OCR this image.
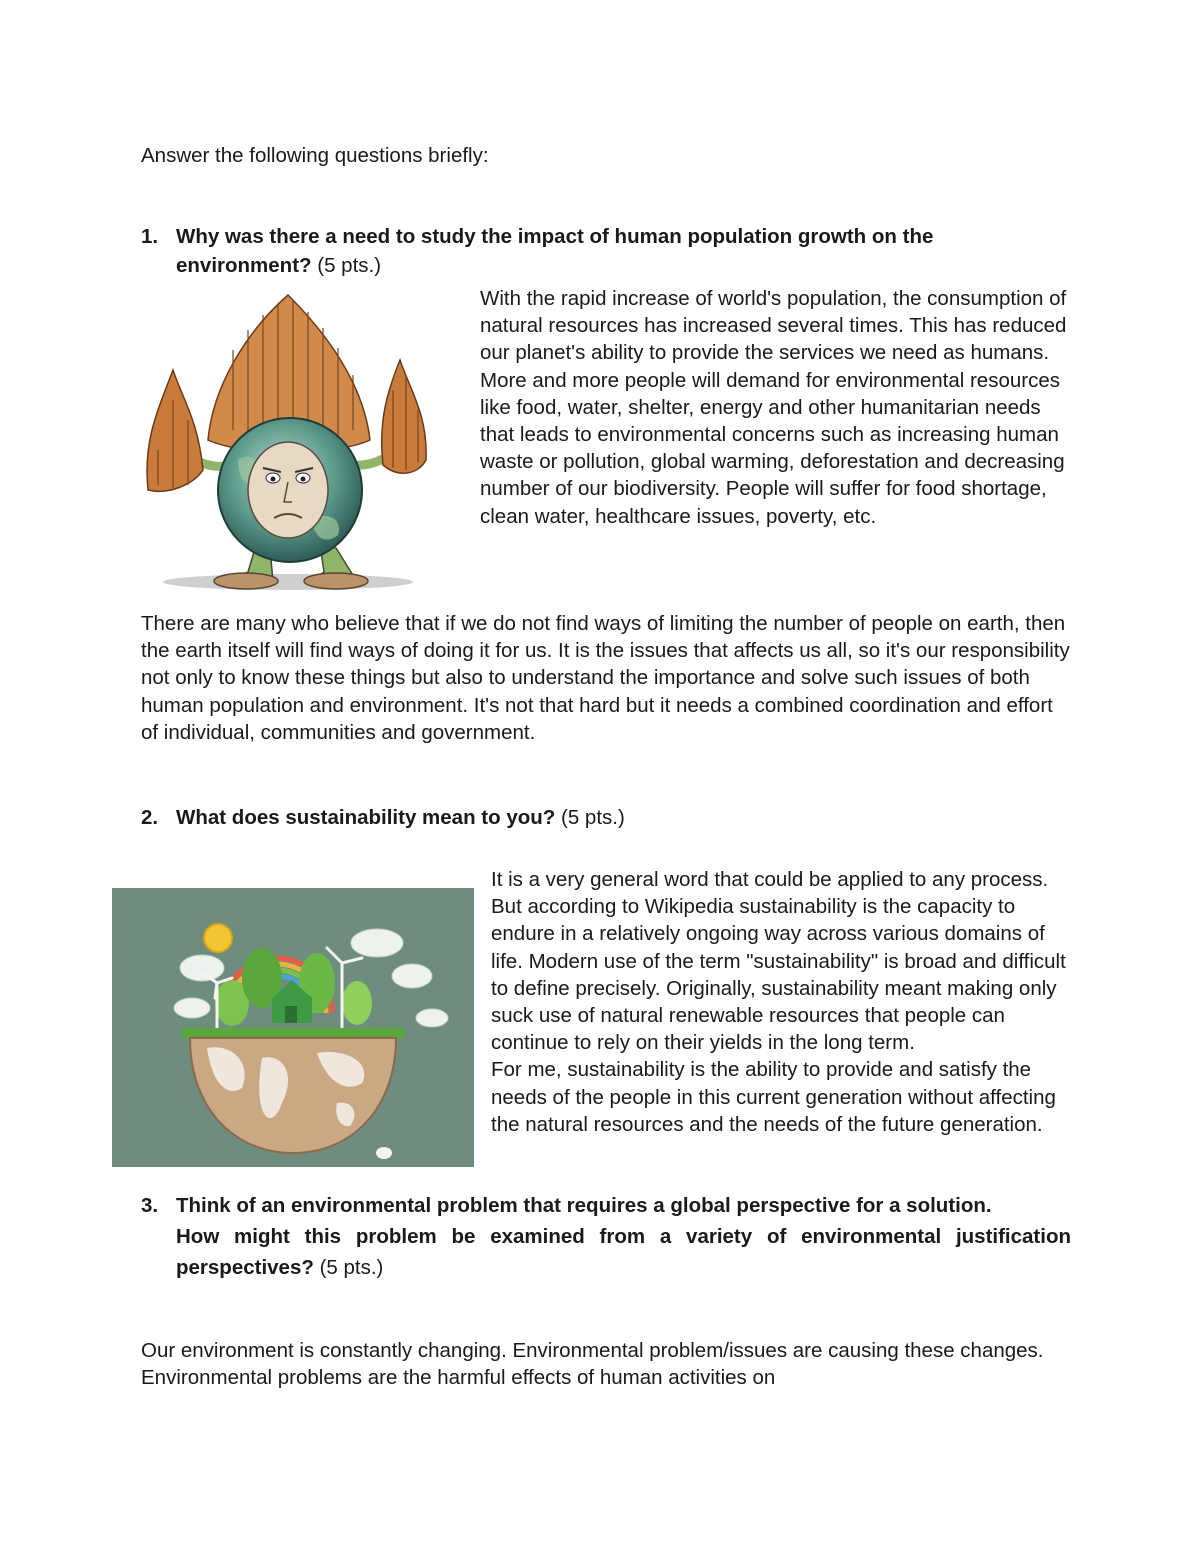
Answer the following questions briefly:
1. Why was there a need to study the impact of human population growth on the environment? (5 pts.)
With the rapid increase of world's population, the consumption of natural resources has increased several times. This has reduced our planet's ability to provide the services we need as humans. More and more people will demand for environmental resources like food, water, shelter, energy and other humanitarian needs that leads to environmental concerns such as increasing human waste or pollution, global warming, deforestation and decreasing number of our biodiversity. People will suffer for food shortage, clean water, healthcare issues, poverty, etc.
There are many who believe that if we do not find ways of limiting the number of people on earth, then the earth itself will find ways of doing it for us. It is the issues that affects us all, so it's our responsibility not only to know these things but also to understand the importance and solve such issues of both human population and environment. It's not that hard but it needs a combined coordination and effort of individual, communities and government.
2. What does sustainability mean to you? (5 pts.)
It is a very general word that could be applied to any process. But according to Wikipedia sustainability is the capacity to endure in a relatively ongoing way across various domains of life. Modern use of the term "sustainability" is broad and difficult to define precisely. Originally, sustainability meant making only suck use of natural renewable resources that people can continue to rely on their yields in the long term.
For me, sustainability is the ability to provide and satisfy the needs of the people in this current generation without affecting the natural resources and the needs of the future generation.
3. Think of an environmental problem that requires a global perspective for a solution.
How might this problem be examined from a variety of environmental justification perspectives? (5 pts.)
Our environment is constantly changing. Environmental problem/issues are causing these changes. Environmental problems are the harmful effects of human activities on
